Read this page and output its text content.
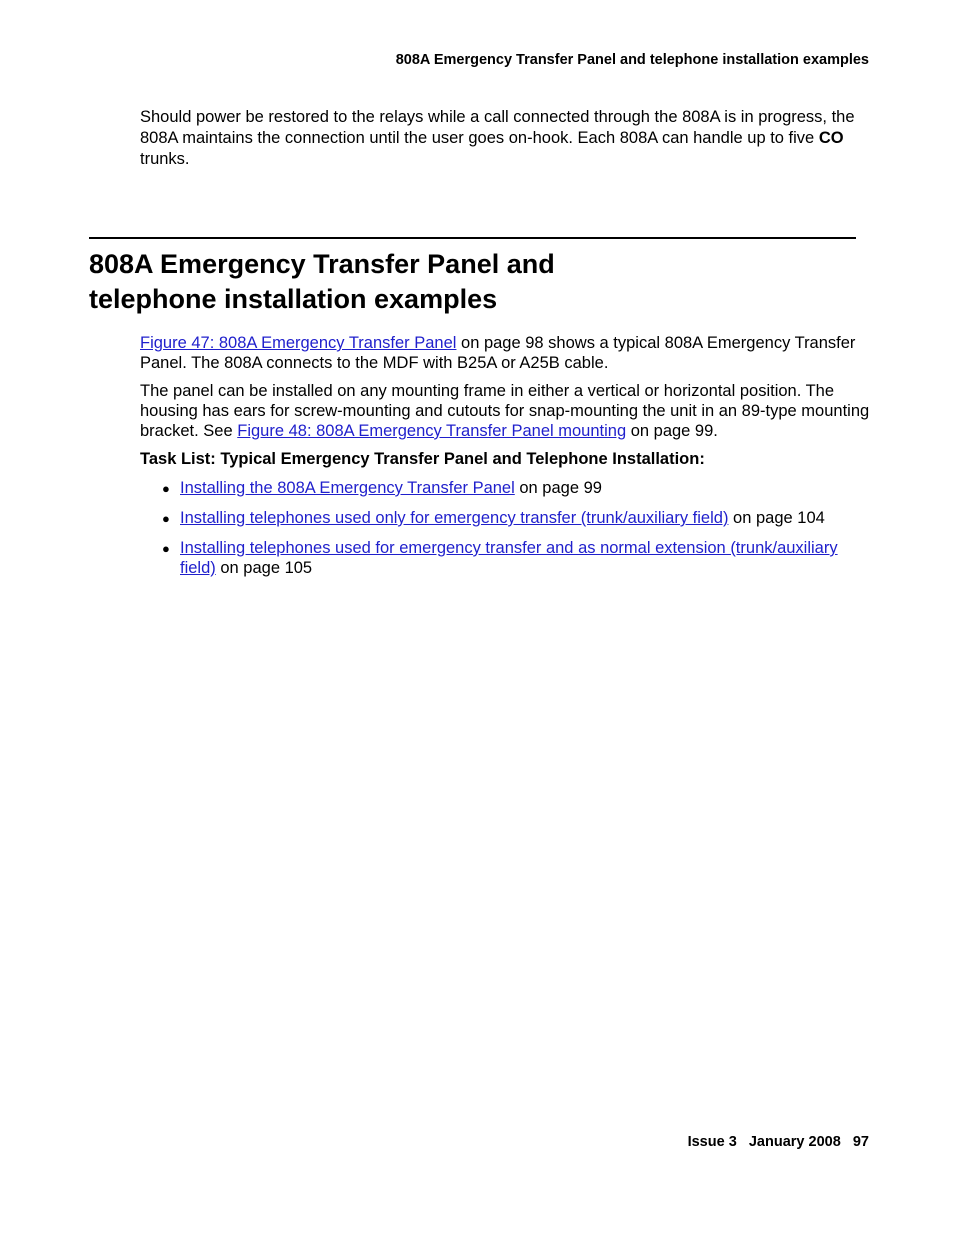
808A Emergency Transfer Panel and telephone installation examples

Should power be restored to the relays while a call connected through the 808A is in progress, the 808A maintains the connection until the user goes on-hook. Each 808A can handle up to five CO trunks.

808A Emergency Transfer Panel and
telephone installation examples

Figure 47: 808A Emergency Transfer Panel on page 98 shows a typical 808A Emergency Transfer Panel. The 808A connects to the MDF with B25A or A25B cable.

The panel can be installed on any mounting frame in either a vertical or horizontal position. The housing has ears for screw-mounting and cutouts for snap-mounting the unit in an 89-type mounting bracket. See Figure 48: 808A Emergency Transfer Panel mounting on page 99.

Task List: Typical Emergency Transfer Panel and Telephone Installation:

● Installing the 808A Emergency Transfer Panel on page 99
● Installing telephones used only for emergency transfer (trunk/auxiliary field) on page 104
● Installing telephones used for emergency transfer and as normal extension (trunk/auxiliary field) on page 105
Issue 3 January 2008 97
